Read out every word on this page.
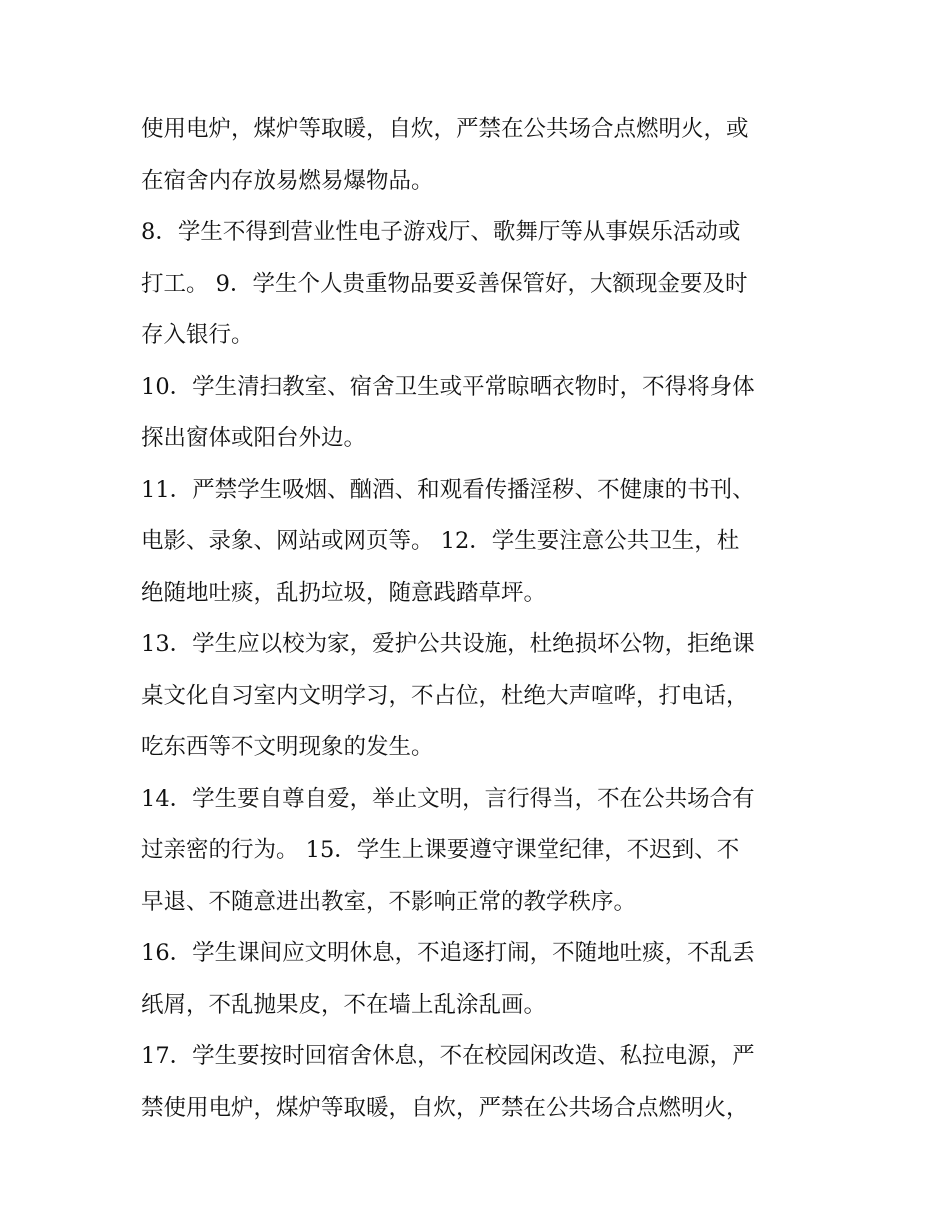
使用电炉，煤炉等取暖，自炊，严禁在公共场合点燃明火，或
在宿舍内存放易燃易爆物品。
8．学生不得到营业性电子游戏厅、歌舞厅等从事娱乐活动或
打工。 9．学生个人贵重物品要妥善保管好，大额现金要及时
存入银行。
10．学生清扫教室、宿舍卫生或平常晾晒衣物时，不得将身体
探出窗体或阳台外边。
11．严禁学生吸烟、酗酒、和观看传播淫秽、不健康的书刊、
电影、录象、网站或网页等。 12．学生要注意公共卫生，杜
绝随地吐痰，乱扔垃圾，随意践踏草坪。
13．学生应以校为家，爱护公共设施，杜绝损坏公物，拒绝课
桌文化自习室内文明学习，不占位，杜绝大声喧哗，打电话，
吃东西等不文明现象的发生。
14．学生要自尊自爱，举止文明，言行得当，不在公共场合有
过亲密的行为。 15．学生上课要遵守课堂纪律，不迟到、不
早退、不随意进出教室，不影响正常的教学秩序。
16．学生课间应文明休息，不追逐打闹，不随地吐痰，不乱丢
纸屑，不乱抛果皮，不在墙上乱涂乱画。
17．学生要按时回宿舍休息，不在校园闲改造、私拉电源，严
禁使用电炉，煤炉等取暖，自炊，严禁在公共场合点燃明火，
